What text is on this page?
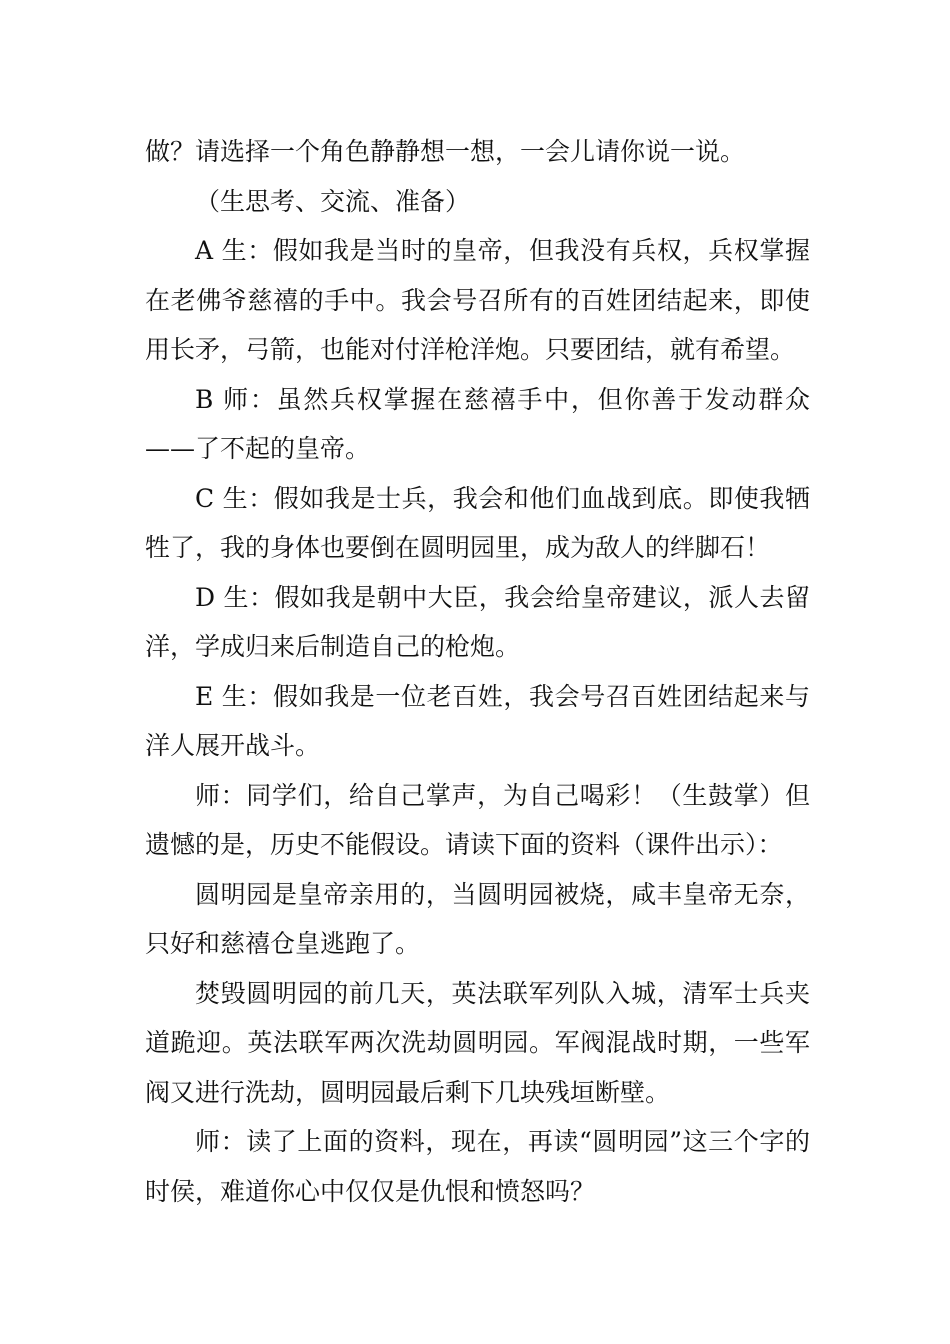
做？请选择一个角色静静想一想，一会儿请你说一说。

（生思考、交流、准备）

A 生：假如我是当时的皇帝，但我没有兵权，兵权掌握在老佛爷慈禧的手中。我会号召所有的百姓团结起来，即使用长矛，弓箭，也能对付洋枪洋炮。只要团结，就有希望。

B 师：虽然兵权掌握在慈禧手中，但你善于发动群众——了不起的皇帝。

C 生：假如我是士兵，我会和他们血战到底。即使我牺牲了，我的身体也要倒在圆明园里，成为敌人的绊脚石！

D 生：假如我是朝中大臣，我会给皇帝建议，派人去留洋，学成归来后制造自己的枪炮。

E 生：假如我是一位老百姓，我会号召百姓团结起来与洋人展开战斗。

师：同学们，给自己掌声，为自己喝彩！（生鼓掌）但遗憾的是，历史不能假设。请读下面的资料（课件出示）：

圆明园是皇帝亲用的，当圆明园被烧，咸丰皇帝无奈，只好和慈禧仓皇逃跑了。

焚毁圆明园的前几天，英法联军列队入城，清军士兵夹道跪迎。英法联军两次洗劫圆明园。军阀混战时期，一些军阀又进行洗劫，圆明园最后剩下几块残垣断壁。

师：读了上面的资料，现在，再读“圆明园”这三个字的时侯，难道你心中仅仅是仇恨和愤怒吗？
